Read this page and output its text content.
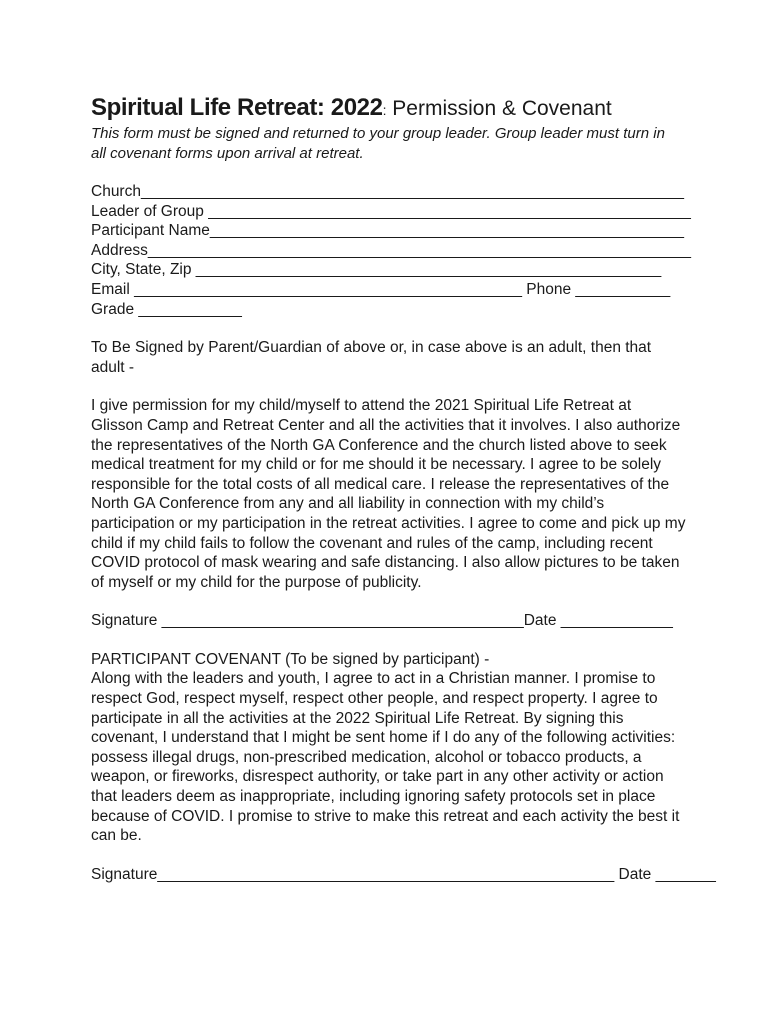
Spiritual Life Retreat: 2022: Permission & Covenant
This form must be signed and returned to your group leader. Group leader must turn in all covenant forms upon arrival at retreat.
Church_______________________________________________________________
Leader of Group ________________________________________________________
Participant Name_______________________________________________________
Address_______________________________________________________________
City, State, Zip ______________________________________________________
Email _____________________________________________ Phone ___________
Grade ____________
To Be Signed by Parent/Guardian of above or, in case above is an adult, then that adult -
I give permission for my child/myself to attend the 2021 Spiritual Life Retreat at Glisson Camp and Retreat Center and all the activities that it involves. I also authorize the representatives of the North GA Conference and the church listed above to seek medical treatment for my child or for me should it be necessary. I agree to be solely responsible for the total costs of all medical care. I release the representatives of the North GA Conference from any and all liability in connection with my child’s participation or my participation in the retreat activities. I agree to come and pick up my child if my child fails to follow the covenant and rules of the camp, including recent COVID protocol of mask wearing and safe distancing. I also allow pictures to be taken of myself or my child for the purpose of publicity.
Signature __________________________________________Date _____________
PARTICIPANT COVENANT (To be signed by participant) -
Along with the leaders and youth, I agree to act in a Christian manner. I promise to respect God, respect myself, respect other people, and respect property. I agree to participate in all the activities at the 2022 Spiritual Life Retreat. By signing this covenant, I understand that I might be sent home if I do any of the following activities: possess illegal drugs, non-prescribed medication, alcohol or tobacco products, a weapon, or fireworks, disrespect authority, or take part in any other activity or action that leaders deem as inappropriate, including ignoring safety protocols set in place because of COVID. I promise to strive to make this retreat and each activity the best it can be.
Signature_____________________________________________________ Date _______
